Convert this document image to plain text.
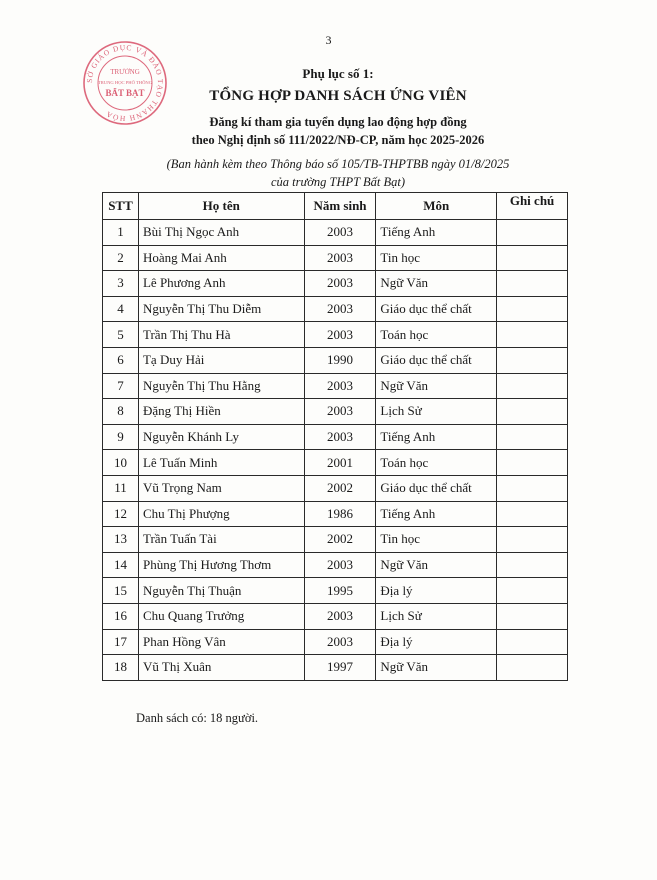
3
SỞ GIÁO DỤC VÀ ĐÀO TẠO THANH HÓA
TRƯỜNG
TRUNG HỌC PHỔ THÔNG
BẤT BẠT
Phụ lục số 1:
TỔNG HỢP DANH SÁCH ỨNG VIÊN
Đăng kí tham gia tuyển dụng lao động hợp đồng
theo Nghị định số 111/2022/NĐ-CP, năm học 2025-2026
(Ban hành kèm theo Thông báo số 105/TB-THPTBB ngày 01/8/2025
của trường THPT Bất Bạt)
STT	Họ tên	Năm sinh	Môn	Ghi chú
1	Bùi Thị Ngọc Anh	2003	Tiếng Anh	
2	Hoàng Mai Anh	2003	Tin học	
3	Lê Phương Anh	2003	Ngữ Văn	
4	Nguyễn Thị Thu Diễm	2003	Giáo dục thể chất	
5	Trần Thị Thu Hà	2003	Toán học	
6	Tạ Duy Hải	1990	Giáo dục thể chất	
7	Nguyễn Thị Thu Hằng	2003	Ngữ Văn	
8	Đặng Thị Hiền	2003	Lịch Sử	
9	Nguyễn Khánh Ly	2003	Tiếng Anh	
10	Lê Tuấn Minh	2001	Toán học	
11	Vũ Trọng Nam	2002	Giáo dục thể chất	
12	Chu Thị Phượng	1986	Tiếng Anh	
13	Trần Tuấn Tài	2002	Tin học	
14	Phùng Thị Hương Thơm	2003	Ngữ Văn	
15	Nguyễn Thị Thuận	1995	Địa lý	
16	Chu Quang Trưởng	2003	Lịch Sử	
17	Phan Hồng Vân	2003	Địa lý	
18	Vũ Thị Xuân	1997	Ngữ Văn	
Danh sách có: 18 người.
